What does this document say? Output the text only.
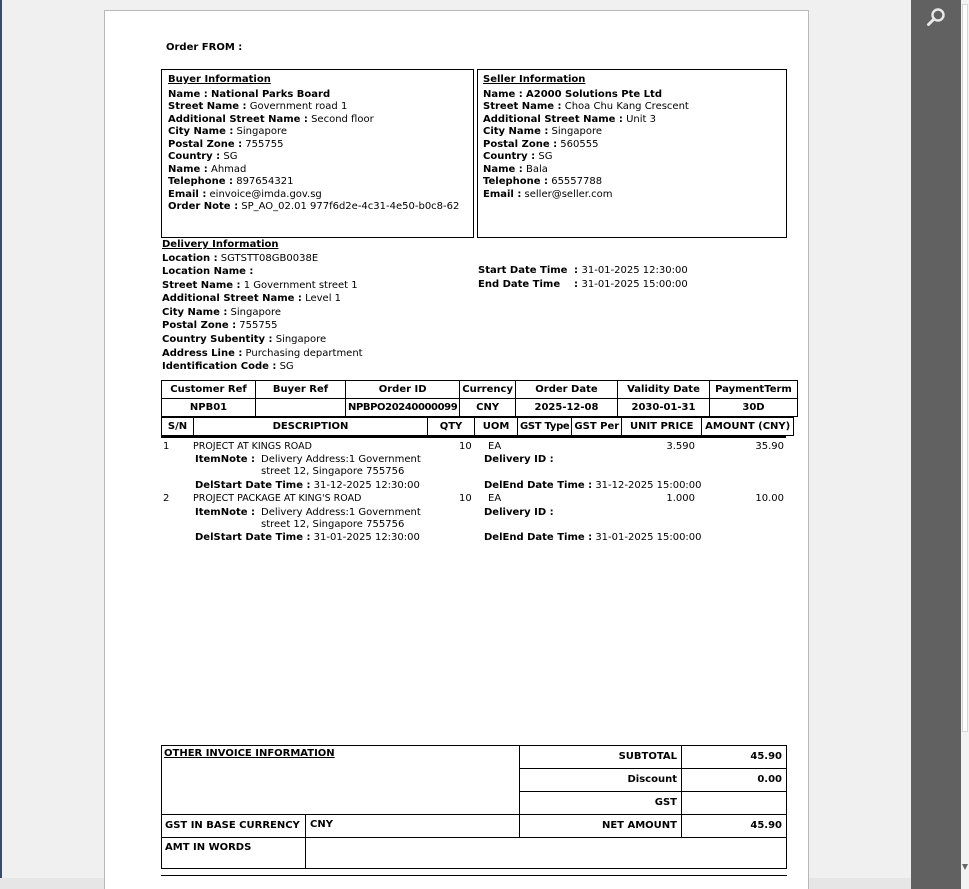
Order FROM :
Buyer Information
Name : National Parks Board
Street Name : Government road 1
Additional Street Name : Second floor
City Name : Singapore
Postal Zone : 755755
Country : SG
Name : Ahmad
Telephone : 897654321
Email : einvoice@imda.gov.sg
Order Note : SP_AO_02.01 977f6d2e-4c31-4e50-b0c8-62
Seller Information
Name : A2000 Solutions Pte Ltd
Street Name : Choa Chu Kang Crescent
Additional Street Name : Unit 3
City Name : Singapore
Postal Zone : 560555
Country : SG
Name : Bala
Telephone : 65557788
Email : seller@seller.com
Delivery Information
Location : SGTSTT08GB0038E
Location Name :
Street Name : 1 Government street 1
Additional Street Name : Level 1
City Name : Singapore
Postal Zone : 755755
Country Subentity : Singapore
Address Line : Purchasing department
Identification Code : SG
Start Date Time : 31-01-2025 12:30:00
End Date Time : 31-01-2025 15:00:00
Customer Ref	Buyer Ref	Order ID	Currency	Order Date	Validity Date	PaymentTerm
NPB01		NPBPO20240000099	CNY	2025-12-08	2030-01-31	30D
S/N	DESCRIPTION	QTY	UOM	GST Type	GST Per	UNIT PRICE	AMOUNT (CNY)
1 PROJECT AT KINGS ROAD	10 EA	3.590	35.90
ItemNote : Delivery Address:1 Government
street 12, Singapore 755756
Delivery ID :
DelStart Date Time : 31-12-2025 12:30:00	DelEnd Date Time : 31-12-2025 15:00:00
2 PROJECT PACKAGE AT KING'S ROAD	10 EA	1.000	10.00
ItemNote : Delivery Address:1 Government
street 12, Singapore 755756
Delivery ID :
DelStart Date Time : 31-01-2025 12:30:00	DelEnd Date Time : 31-01-2025 15:00:00
OTHER INVOICE INFORMATION	SUBTOTAL	45.90
Discount	0.00
GST
GST IN BASE CURRENCY CNY	NET AMOUNT	45.90
AMT IN WORDS
